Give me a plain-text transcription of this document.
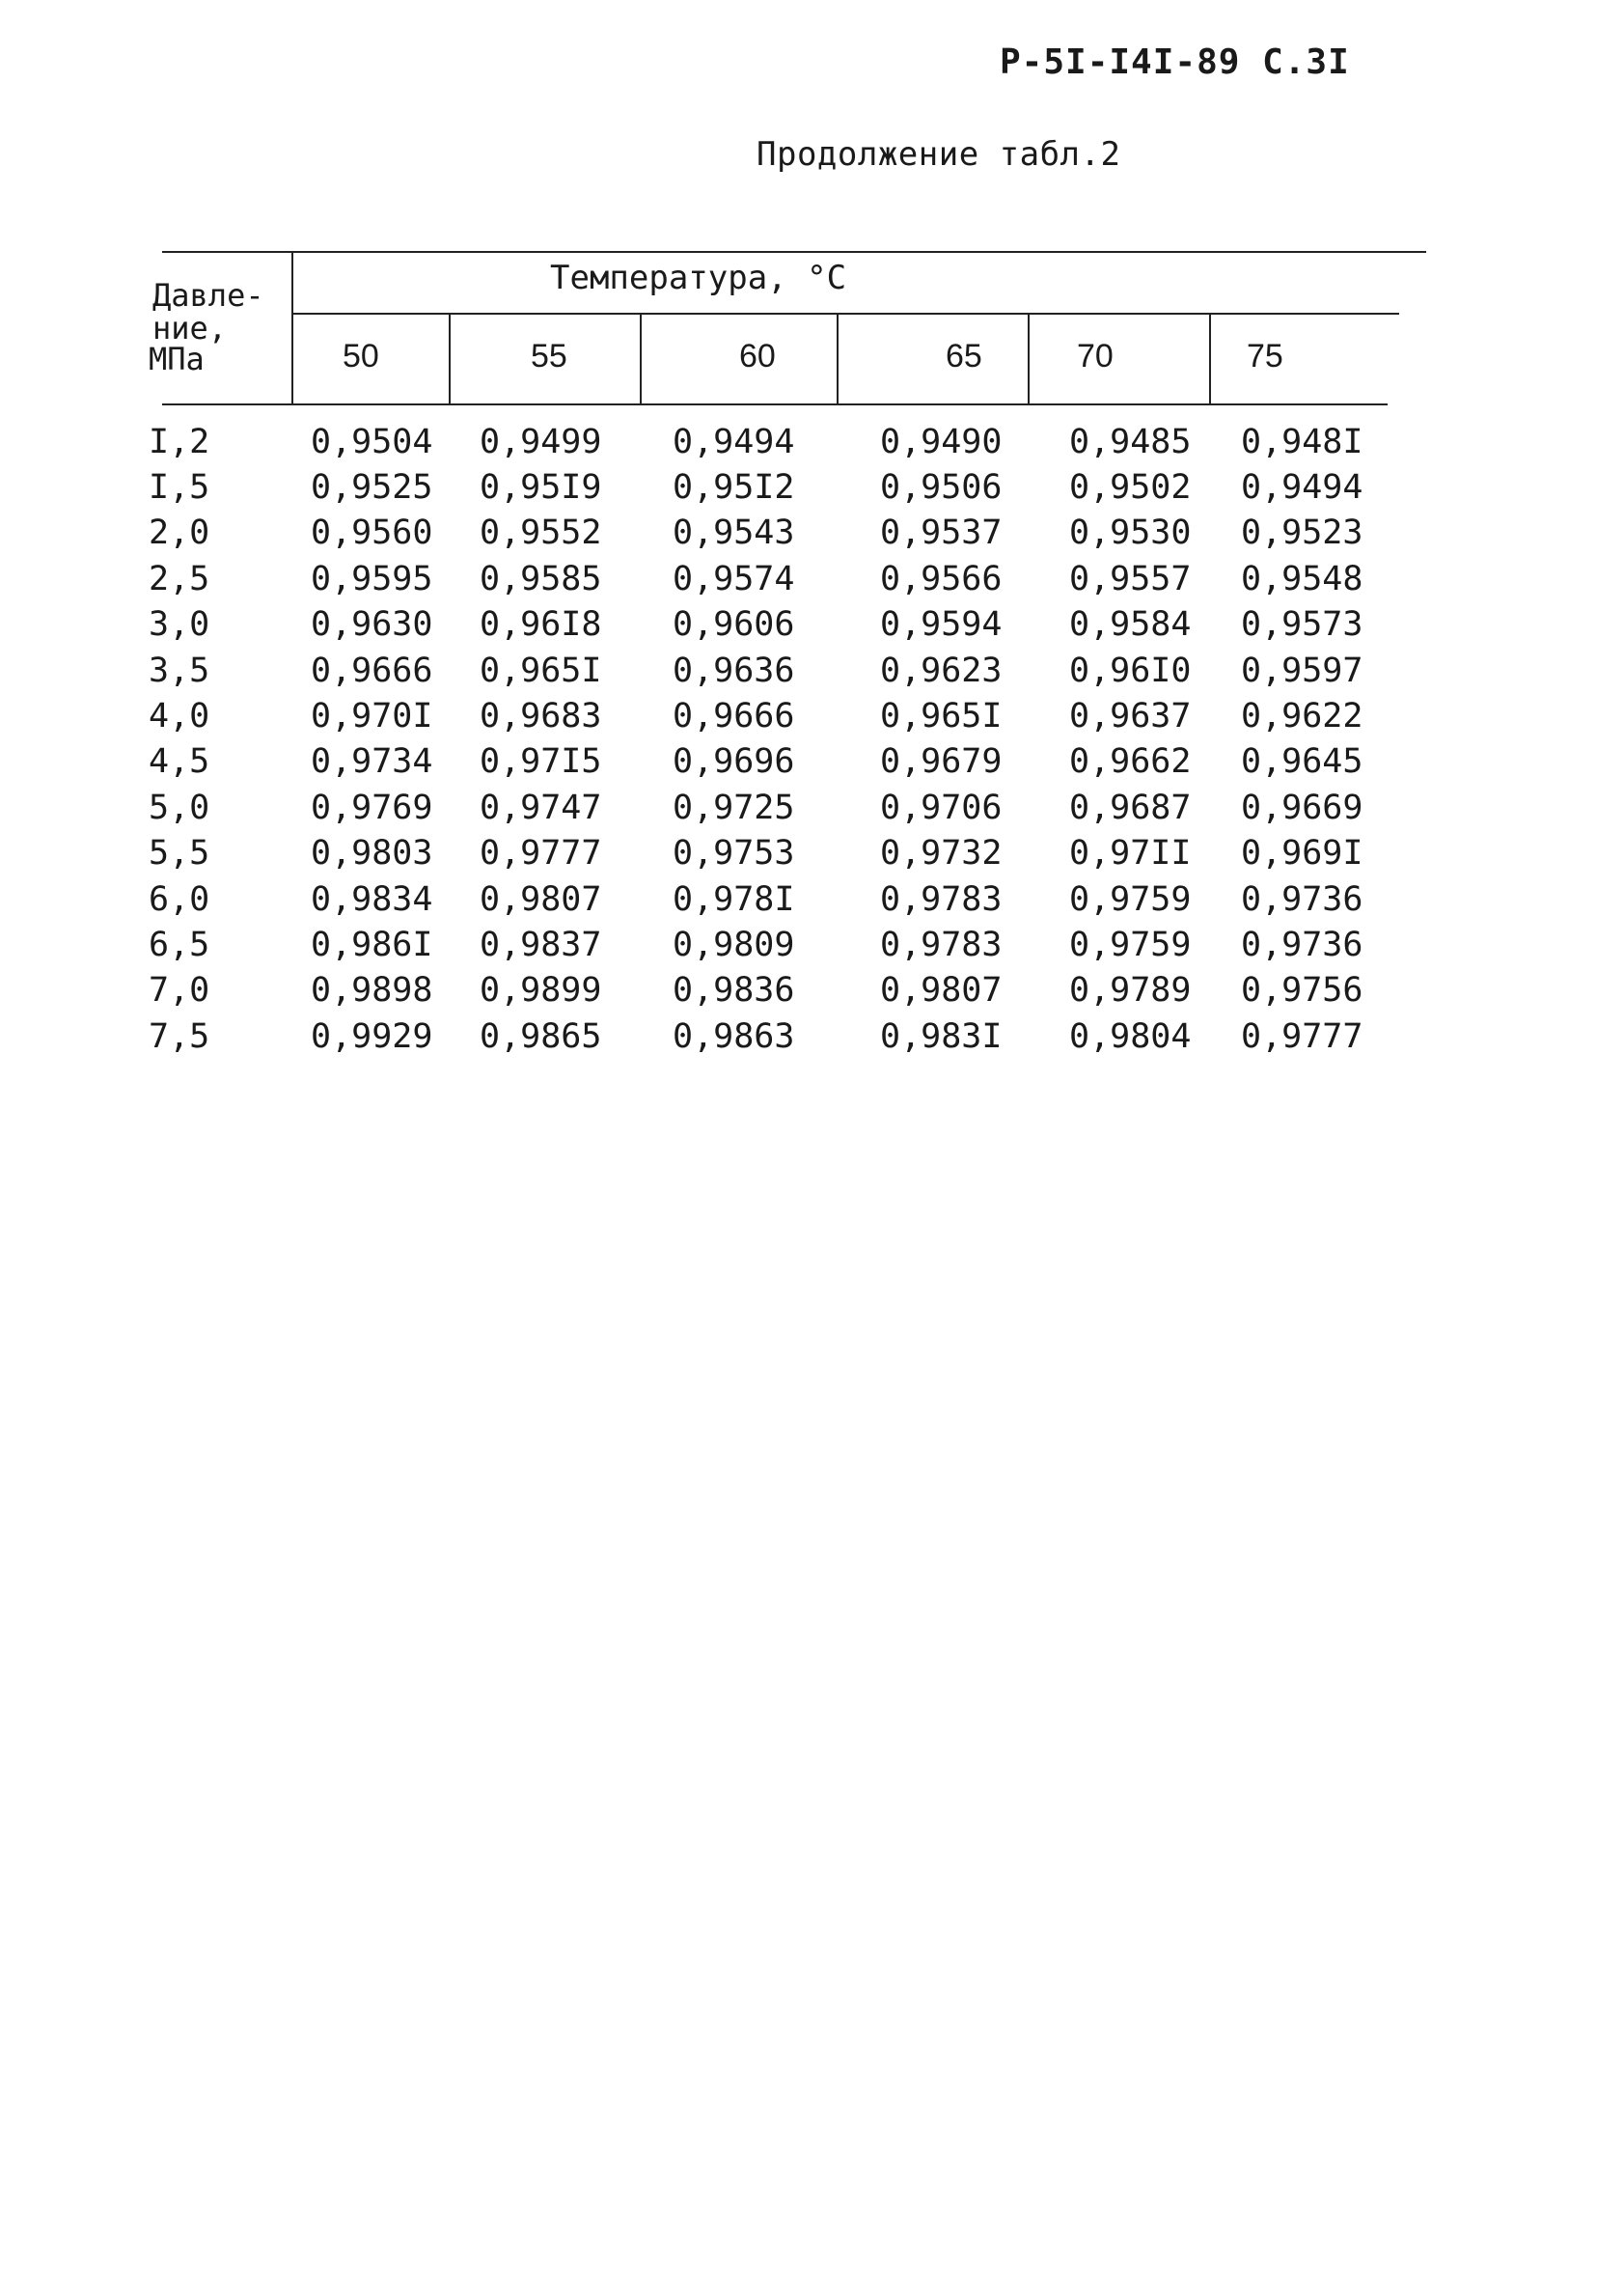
Р-5I-I4I-89 С.3I
Продолжение табл.2
Давле-
ние,
МПа
Температура, °С
50	55	60	65	70	75
I,2	0,9504	0,9499	0,9494	0,9490	0,9485	0,948I
I,5	0,9525	0,95I9	0,95I2	0,9506	0,9502	0,9494
2,0	0,9560	0,9552	0,9543	0,9537	0,9530	0,9523
2,5	0,9595	0,9585	0,9574	0,9566	0,9557	0,9548
3,0	0,9630	0,96I8	0,9606	0,9594	0,9584	0,9573
3,5	0,9666	0,965I	0,9636	0,9623	0,96I0	0,9597
4,0	0,970I	0,9683	0,9666	0,965I	0,9637	0,9622
4,5	0,9734	0,97I5	0,9696	0,9679	0,9662	0,9645
5,0	0,9769	0,9747	0,9725	0,9706	0,9687	0,9669
5,5	0,9803	0,9777	0,9753	0,9732	0,97II	0,969I
6,0	0,9834	0,9807	0,978I	0,9783	0,9759	0,9736
6,5	0,986I	0,9837	0,9809	0,9783	0,9759	0,9736
7,0	0,9898	0,9899	0,9836	0,9807	0,9789	0,9756
7,5	0,9929	0,9865	0,9863	0,983I	0,9804	0,9777
